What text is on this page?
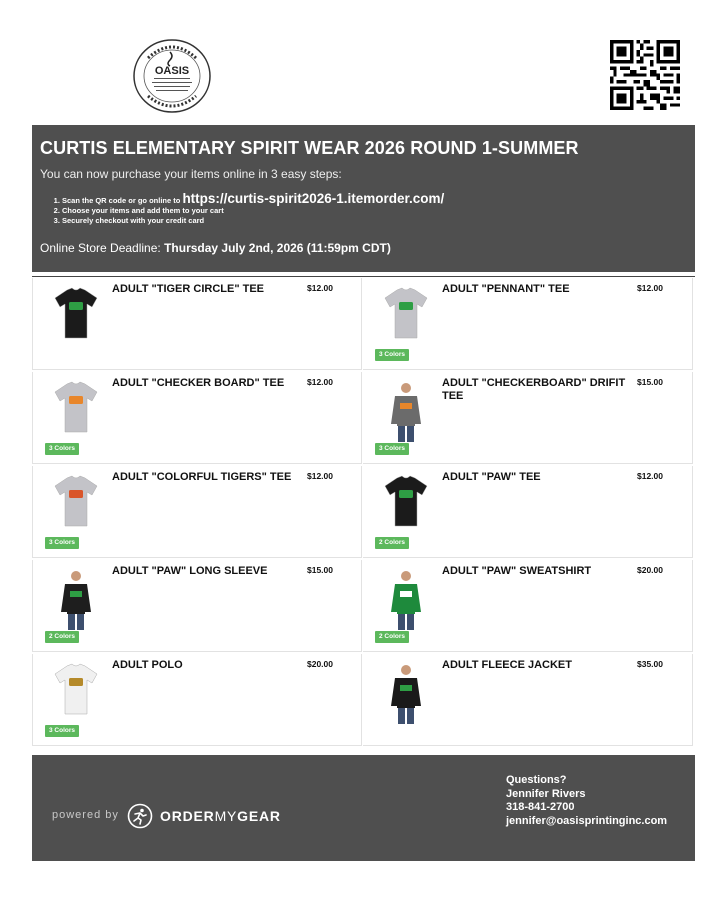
OASIS
CURTIS ELEMENTARY SPIRIT WEAR 2026 ROUND 1-SUMMER
You can now purchase your items online in 3 easy steps:
1. Scan the QR code or go online to https://curtis-spirit2026-1.itemorder.com/
2. Choose your items and add them to your cart
3. Securely checkout with your credit card
Online Store Deadline: Thursday July 2nd, 2026 (11:59pm CDT)
ADULT "TIGER CIRCLE" TEE	$12.00	ADULT "PENNANT" TEE	$12.00
3 Colors
ADULT "CHECKER BOARD" TEE	$12.00
3 Colors
ADULT "CHECKERBOARD" DRIFIT TEE
$15.00
3 Colors
ADULT "COLORFUL TIGERS" TEE	$12.00
3 Colors
ADULT "PAW" TEE	$12.00
2 Colors
ADULT "PAW" LONG SLEEVE	$15.00
2 Colors
ADULT "PAW" SWEATSHIRT	$20.00
2 Colors
ADULT POLO	$20.00
3 Colors
ADULT FLEECE JACKET	$35.00
powered by	ORDERMYGEAR
Questions?
Jennifer Rivers
318-841-2700
jennifer@oasisprintinginc.com
